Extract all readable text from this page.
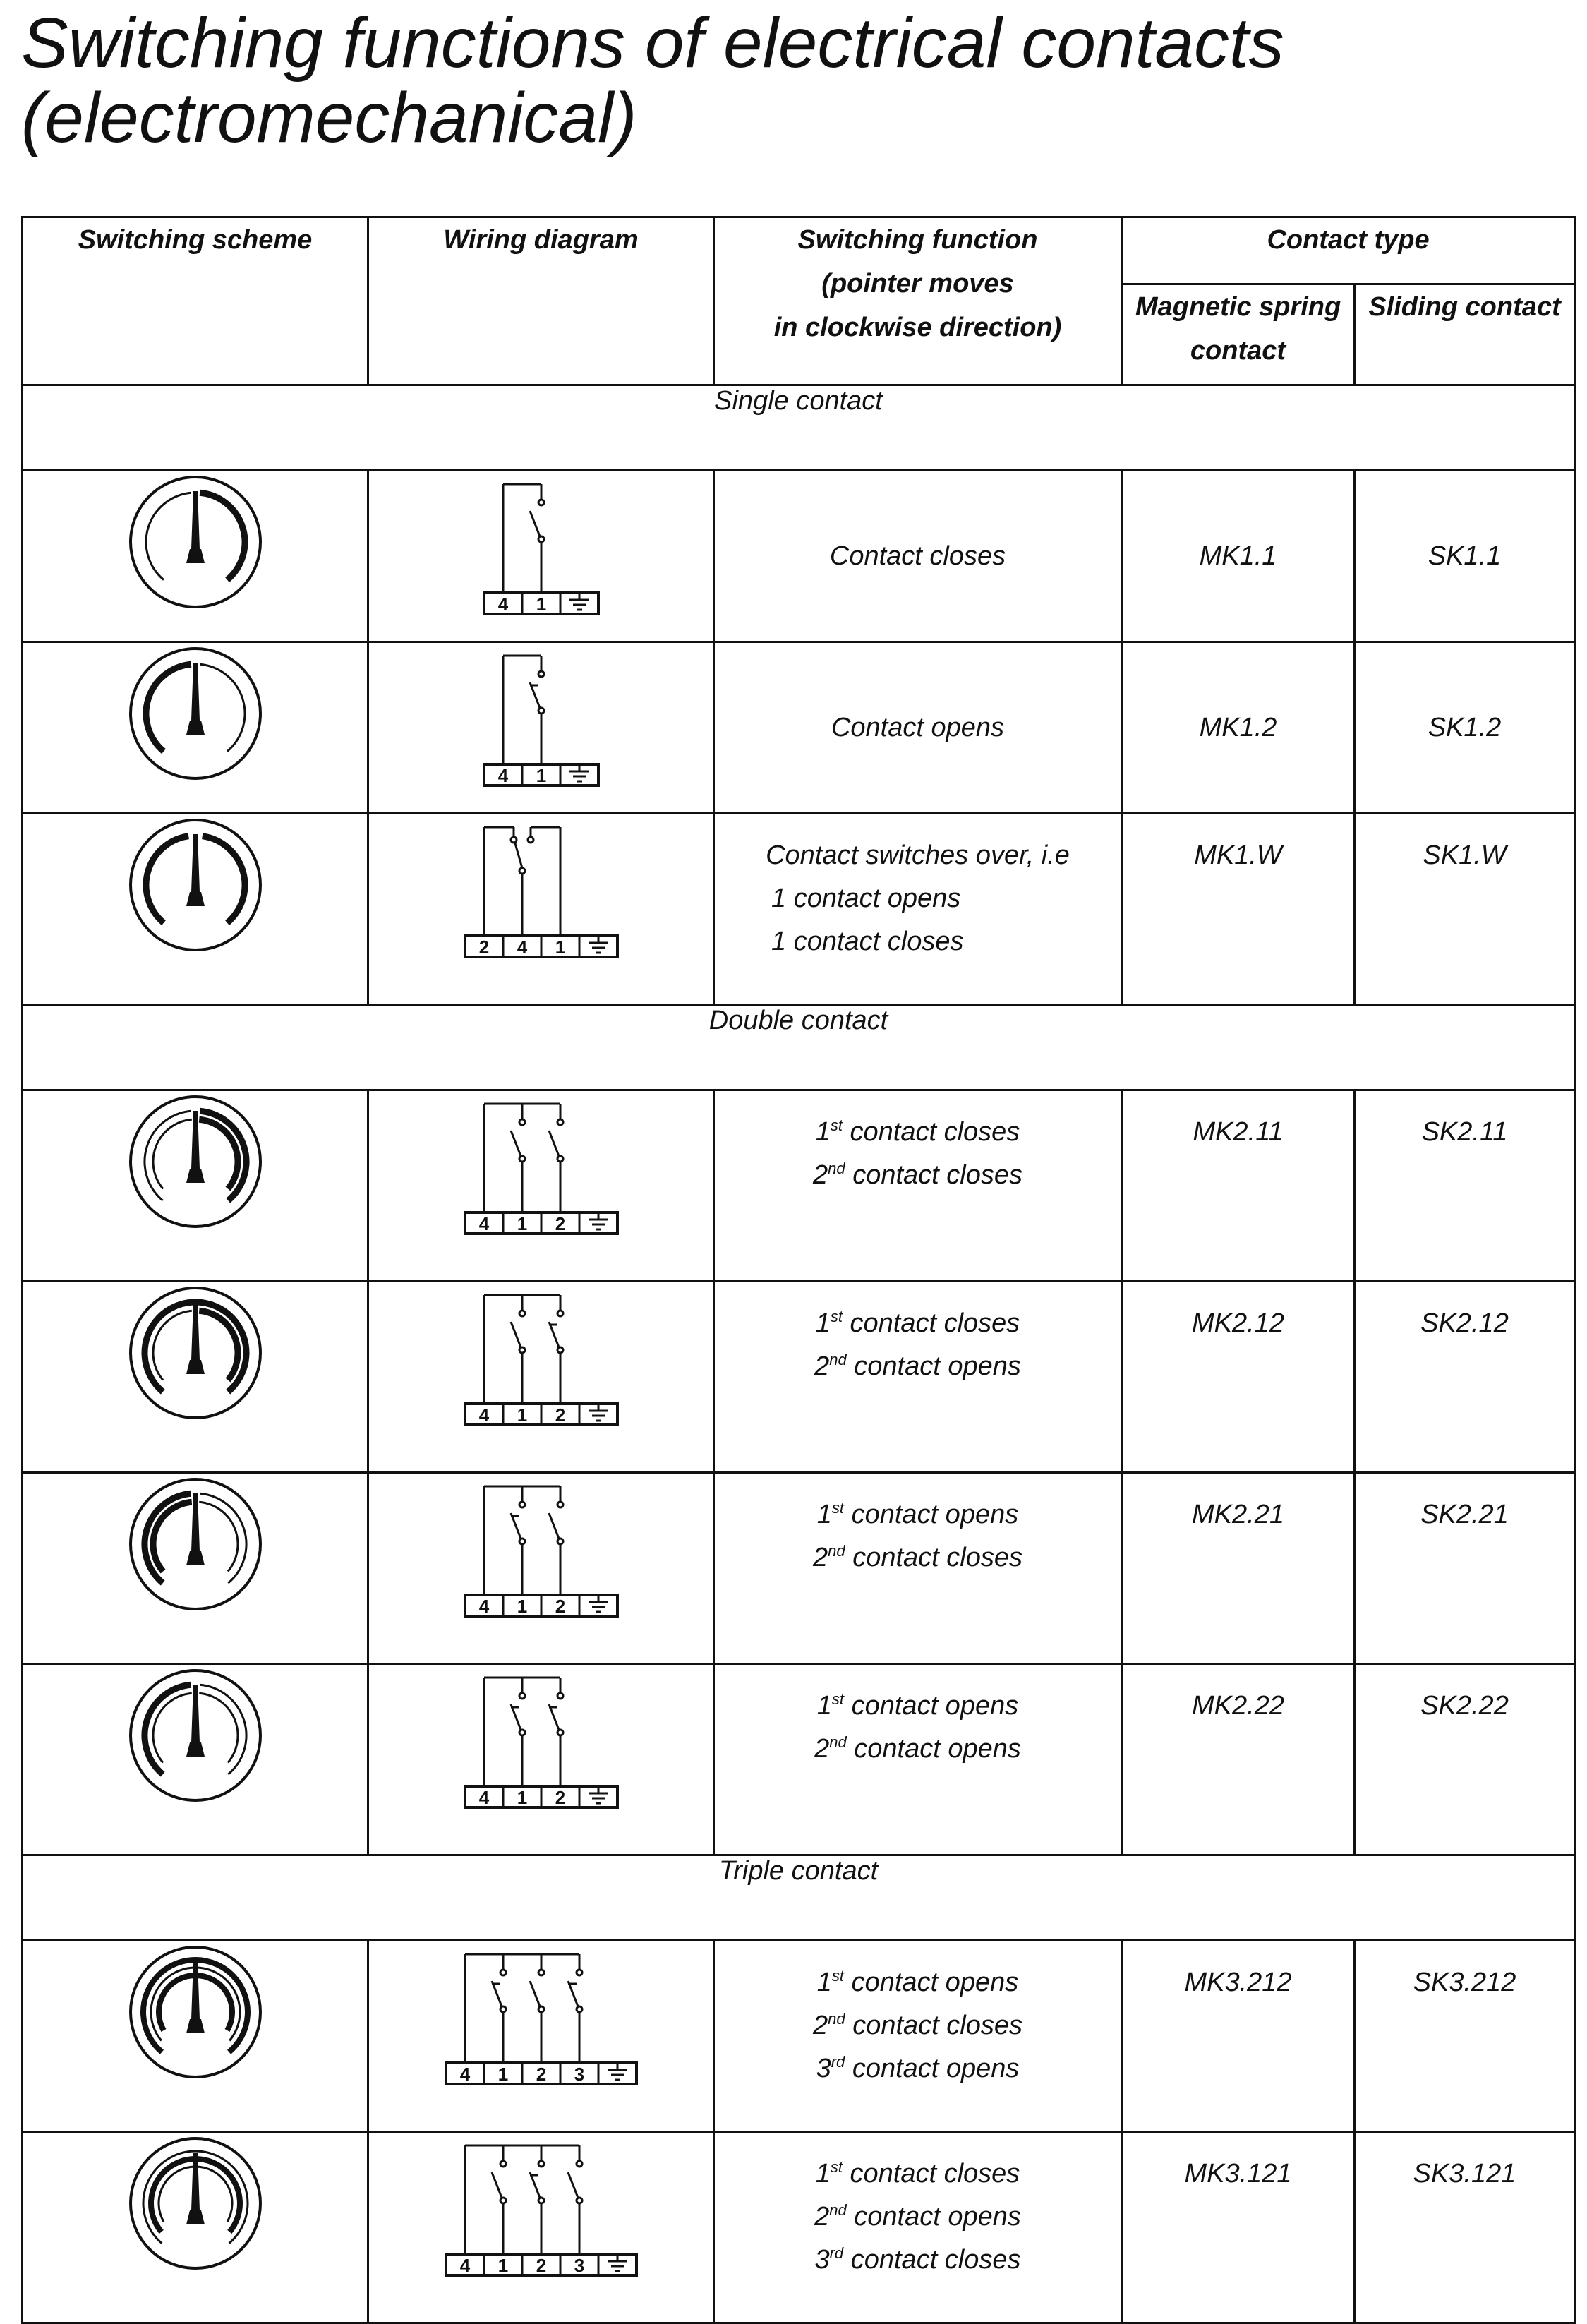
Switching functions of electrical contacts
(electromechanical)
Switching scheme	Wiring diagram	Switching function
(pointer moves
in clockwise direction)	Contact type	

			Magnetic spring
contact	Sliding contact
Single contact				

4 1	Contact closes	MK1.1	SK1.1

4 1	Contact opens	MK1.2	SK1.2

2 4 1	Contact switches over, i.e
1 contact opens
1 contact closes	MK1.W	SK1.W
Double contact				

4 1 2	1st contact closes
2nd contact closes	MK2.11	SK2.11

4 1 2	1st contact closes
2nd contact opens	MK2.12	SK2.12

4 1 2	1st contact opens
2nd contact closes	MK2.21	SK2.21

4 1 2	1st contact opens
2nd contact opens	MK2.22	SK2.22
Triple contact				

4 1 2 3	1st contact opens
2nd contact closes
3rd contact opens	MK3.212	SK3.212

4 1 2 3	1st contact closes
2nd contact opens
3rd contact closes	MK3.121	SK3.121
